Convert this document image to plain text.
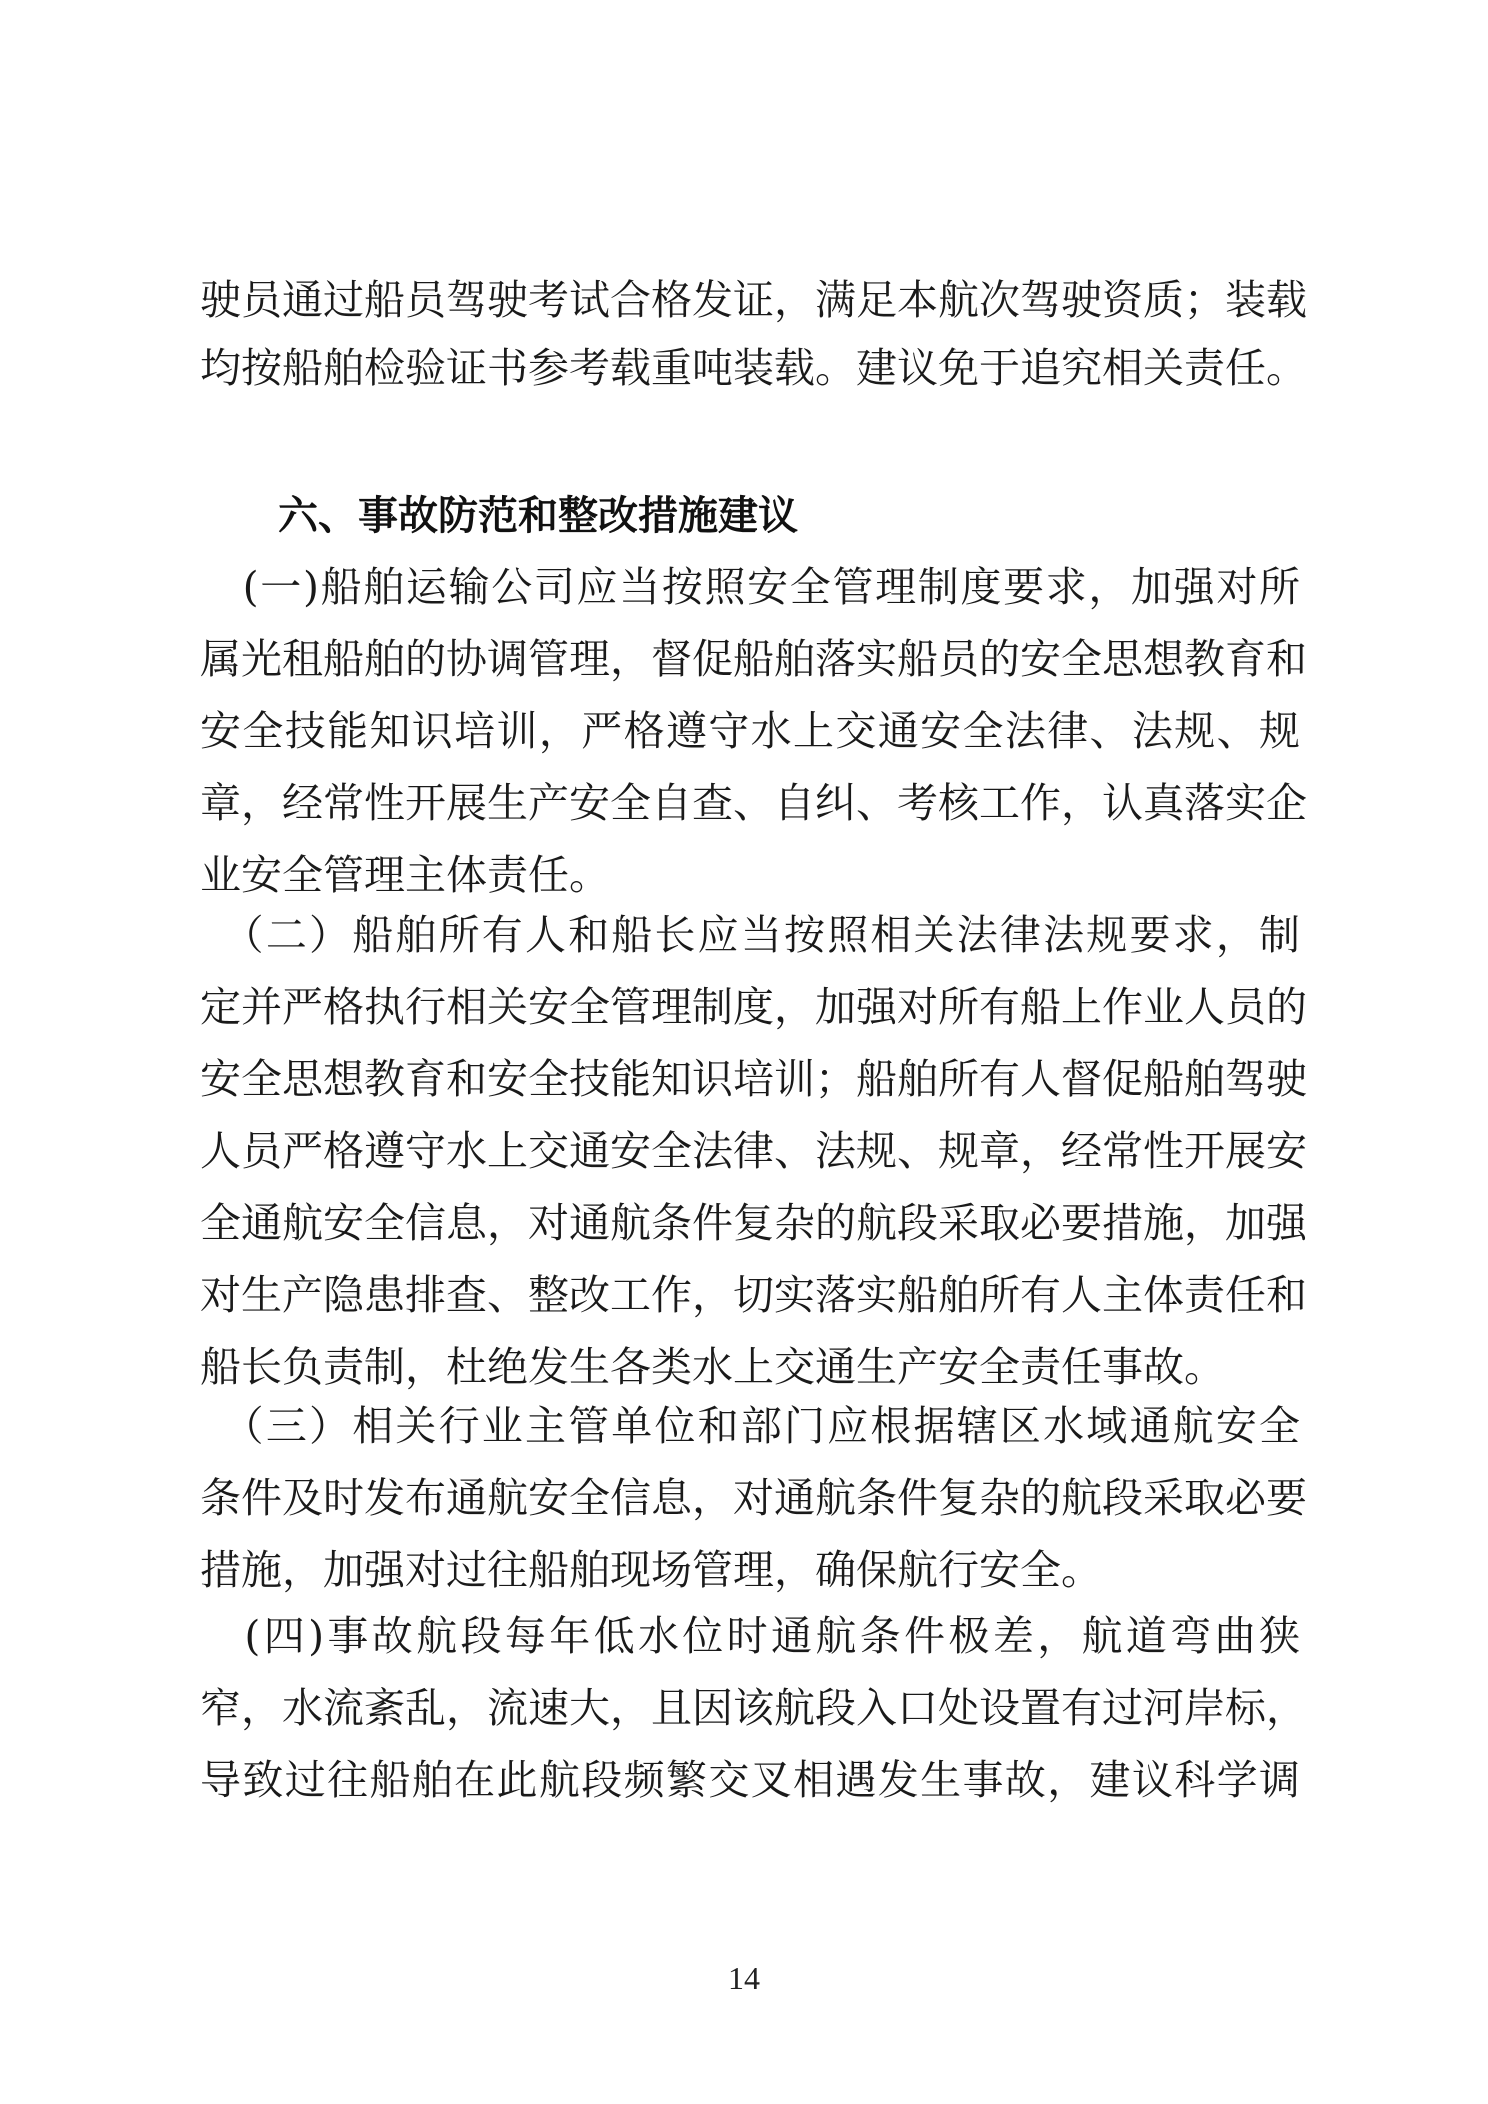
驶员通过船员驾驶考试合格发证，满足本航次驾驶资质；装载
均按船舶检验证书参考载重吨装载。建议免于追究相关责任。
六、事故防范和整改措施建议
　(一)船舶运输公司应当按照安全管理制度要求，加强对所
属光租船舶的协调管理，督促船舶落实船员的安全思想教育和
安全技能知识培训，严格遵守水上交通安全法律、法规、规
章，经常性开展生产安全自查、自纠、考核工作，认真落实企
业安全管理主体责任。
　（二）船舶所有人和船长应当按照相关法律法规要求，制
定并严格执行相关安全管理制度，加强对所有船上作业人员的
安全思想教育和安全技能知识培训；船舶所有人督促船舶驾驶
人员严格遵守水上交通安全法律、法规、规章，经常性开展安
全通航安全信息，对通航条件复杂的航段采取必要措施，加强
对生产隐患排查、整改工作，切实落实船舶所有人主体责任和
船长负责制，杜绝发生各类水上交通生产安全责任事故。
　（三）相关行业主管单位和部门应根据辖区水域通航安全
条件及时发布通航安全信息，对通航条件复杂的航段采取必要
措施，加强对过往船舶现场管理，确保航行安全。
　(四)事故航段每年低水位时通航条件极差，航道弯曲狭
窄，水流紊乱，流速大，且因该航段入口处设置有过河岸标，
导致过往船舶在此航段频繁交叉相遇发生事故，建议科学调
14
